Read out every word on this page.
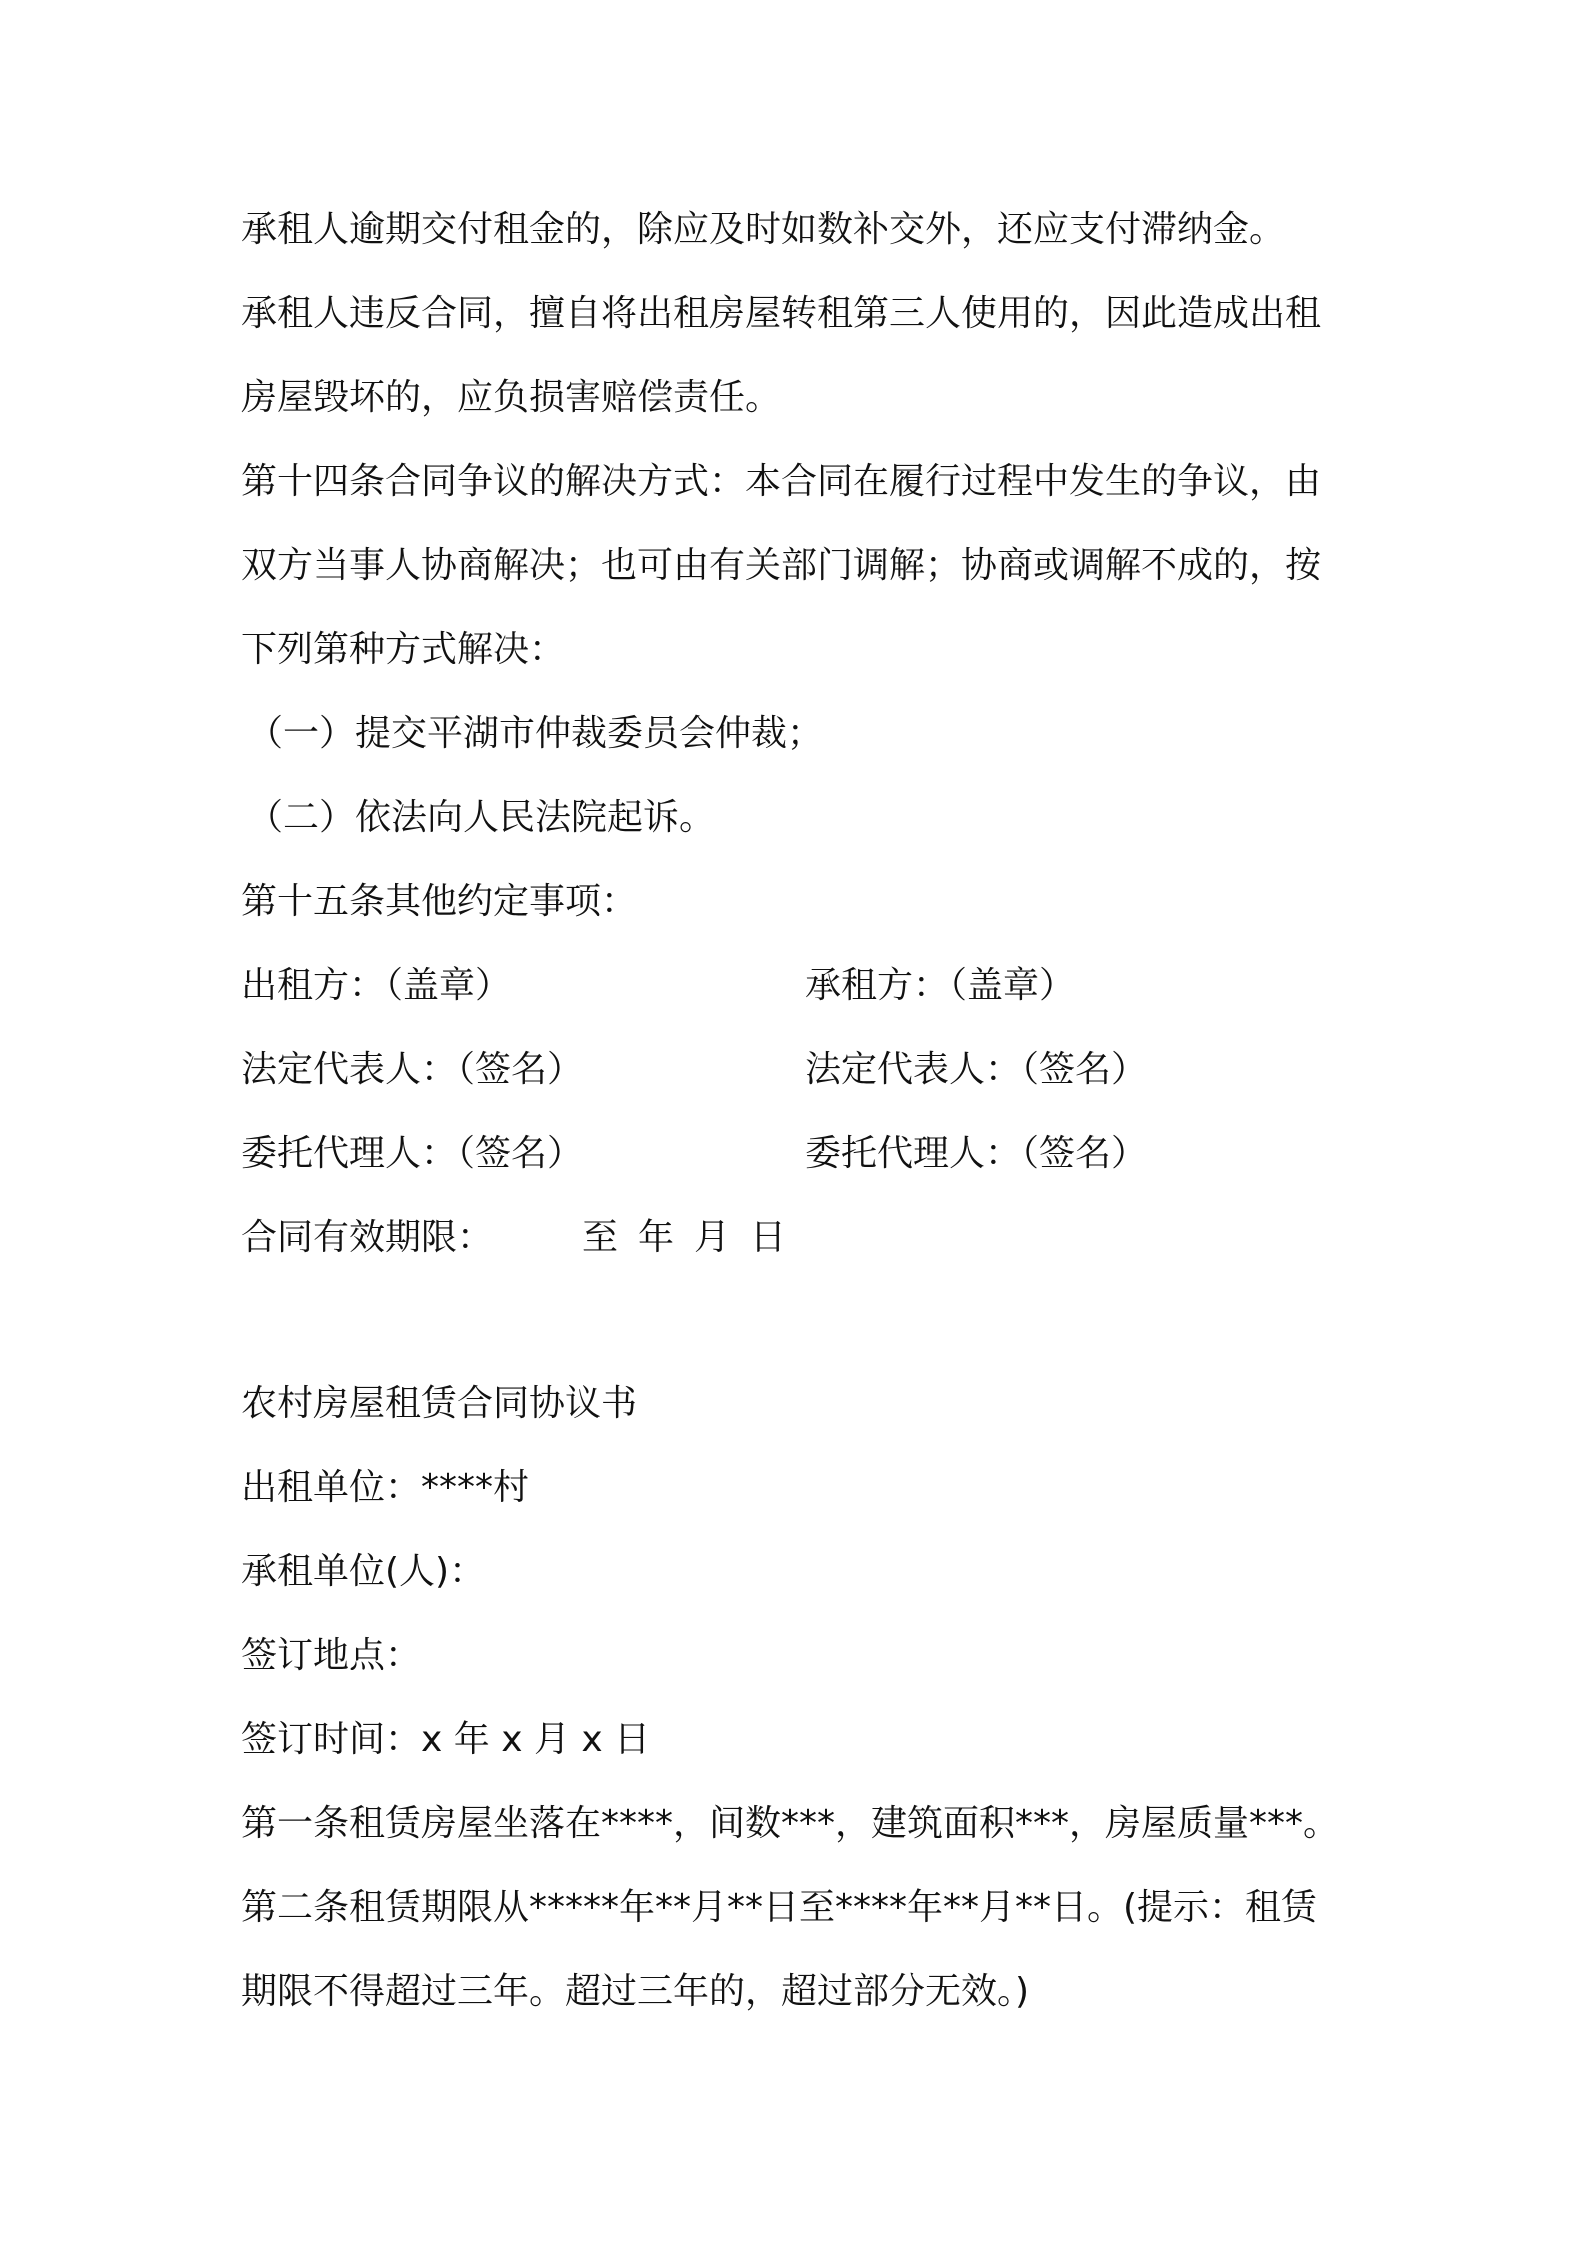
承租人逾期交付租金的，除应及时如数补交外，还应支付滞纳金。
承租人违反合同，擅自将出租房屋转租第三人使用的，因此造成出租
房屋毁坏的，应负损害赔偿责任。
第十四条合同争议的解决方式：本合同在履行过程中发生的争议，由
双方当事人协商解决；也可由有关部门调解；协商或调解不成的，按
下列第种方式解决：
（一）提交平湖市仲裁委员会仲裁；
（二）依法向人民法院起诉。
第十五条其他约定事项：
出租方：（盖章）	承租方：（盖章）
法定代表人：（签名）	法定代表人：（签名）
委托代理人：（签名）	委托代理人：（签名）
合同有效期限： 至 年 月 日
农村房屋租赁合同协议书
出租单位：****村
承租单位(人)：
签订地点：
签订时间：x 年 x 月 x 日
第一条租赁房屋坐落在****，间数***，建筑面积***，房屋质量***。
第二条租赁期限从*****年**月**日至****年**月**日。(提示：租赁
期限不得超过三年。超过三年的，超过部分无效。)
